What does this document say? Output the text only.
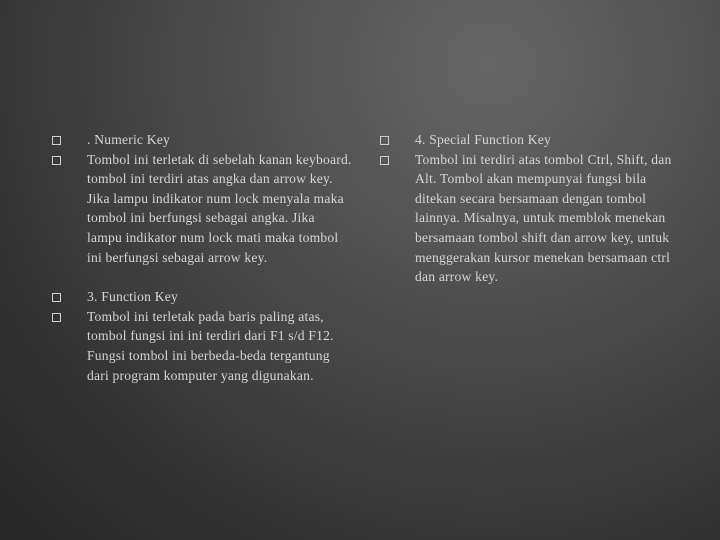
. Numeric Key
Tombol ini terletak di sebelah kanan keyboard. tombol ini terdiri atas angka dan arrow key. Jika lampu indikator num lock menyala maka tombol ini berfungsi sebagai angka. Jika lampu indikator num lock mati maka tombol ini berfungsi sebagai arrow key.
3. Function Key
Tombol ini terletak pada baris paling atas, tombol fungsi ini ini terdiri dari F1 s/d F12. Fungsi tombol ini berbeda-beda tergantung dari program komputer yang digunakan.
4. Special Function Key
Tombol ini terdiri atas tombol Ctrl, Shift, dan Alt. Tombol akan mempunyai fungsi bila ditekan secara bersamaan dengan tombol lainnya. Misalnya, untuk memblok menekan bersamaan tombol shift dan arrow key, untuk menggerakan kursor menekan bersamaan ctrl dan arrow key.
